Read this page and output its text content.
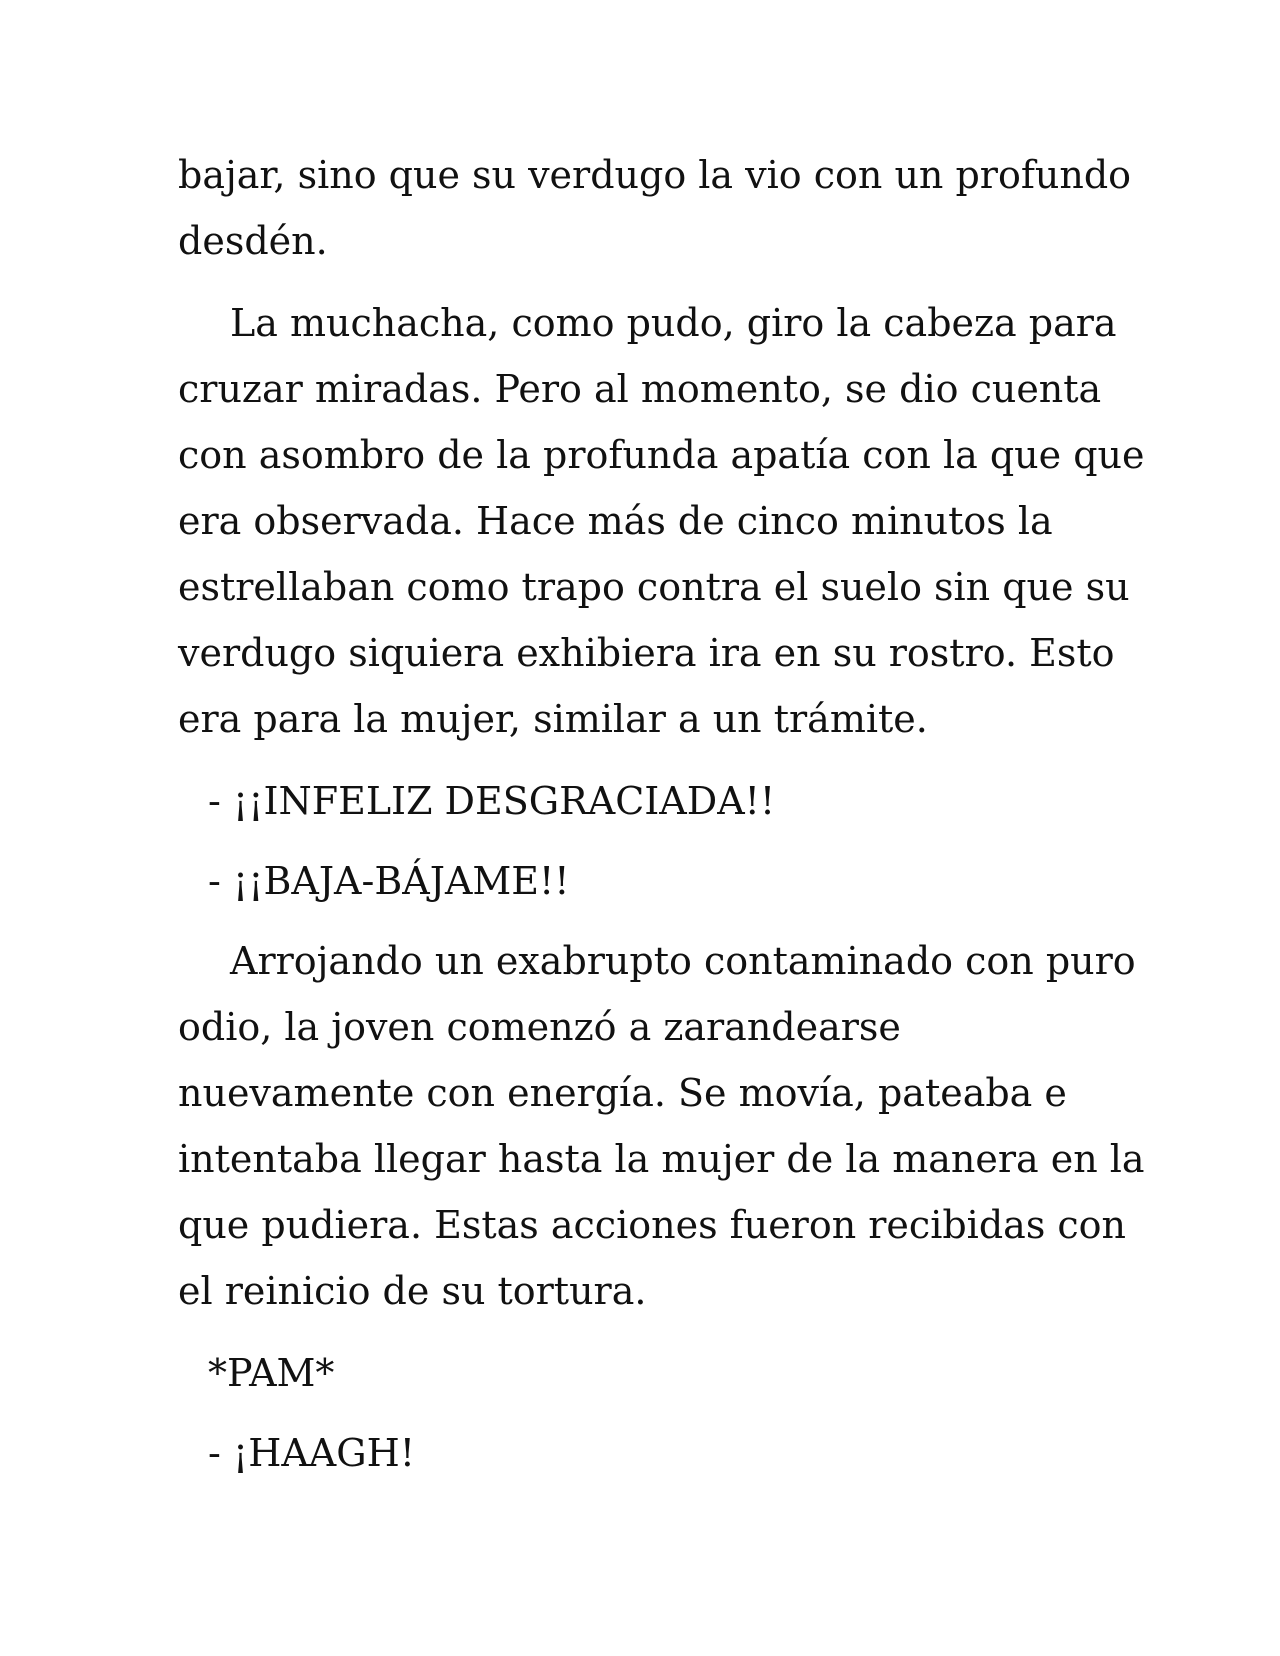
bajar, sino que su verdugo la vio con un profundo
desdén.

La muchacha, como pudo, giro la cabeza para
cruzar miradas. Pero al momento, se dio cuenta
con asombro de la profunda apatía con la que que
era observada. Hace más de cinco minutos la
estrellaban como trapo contra el suelo sin que su
verdugo siquiera exhibiera ira en su rostro. Esto
era para la mujer, similar a un trámite.

- ¡¡INFELIZ DESGRACIADA!!

- ¡¡BAJA-BÁJAME!!

Arrojando un exabrupto contaminado con puro
odio, la joven comenzó a zarandearse
nuevamente con energía. Se movía, pateaba e
intentaba llegar hasta la mujer de la manera en la
que pudiera. Estas acciones fueron recibidas con
el reinicio de su tortura.

*PAM*

- ¡HAAGH!
